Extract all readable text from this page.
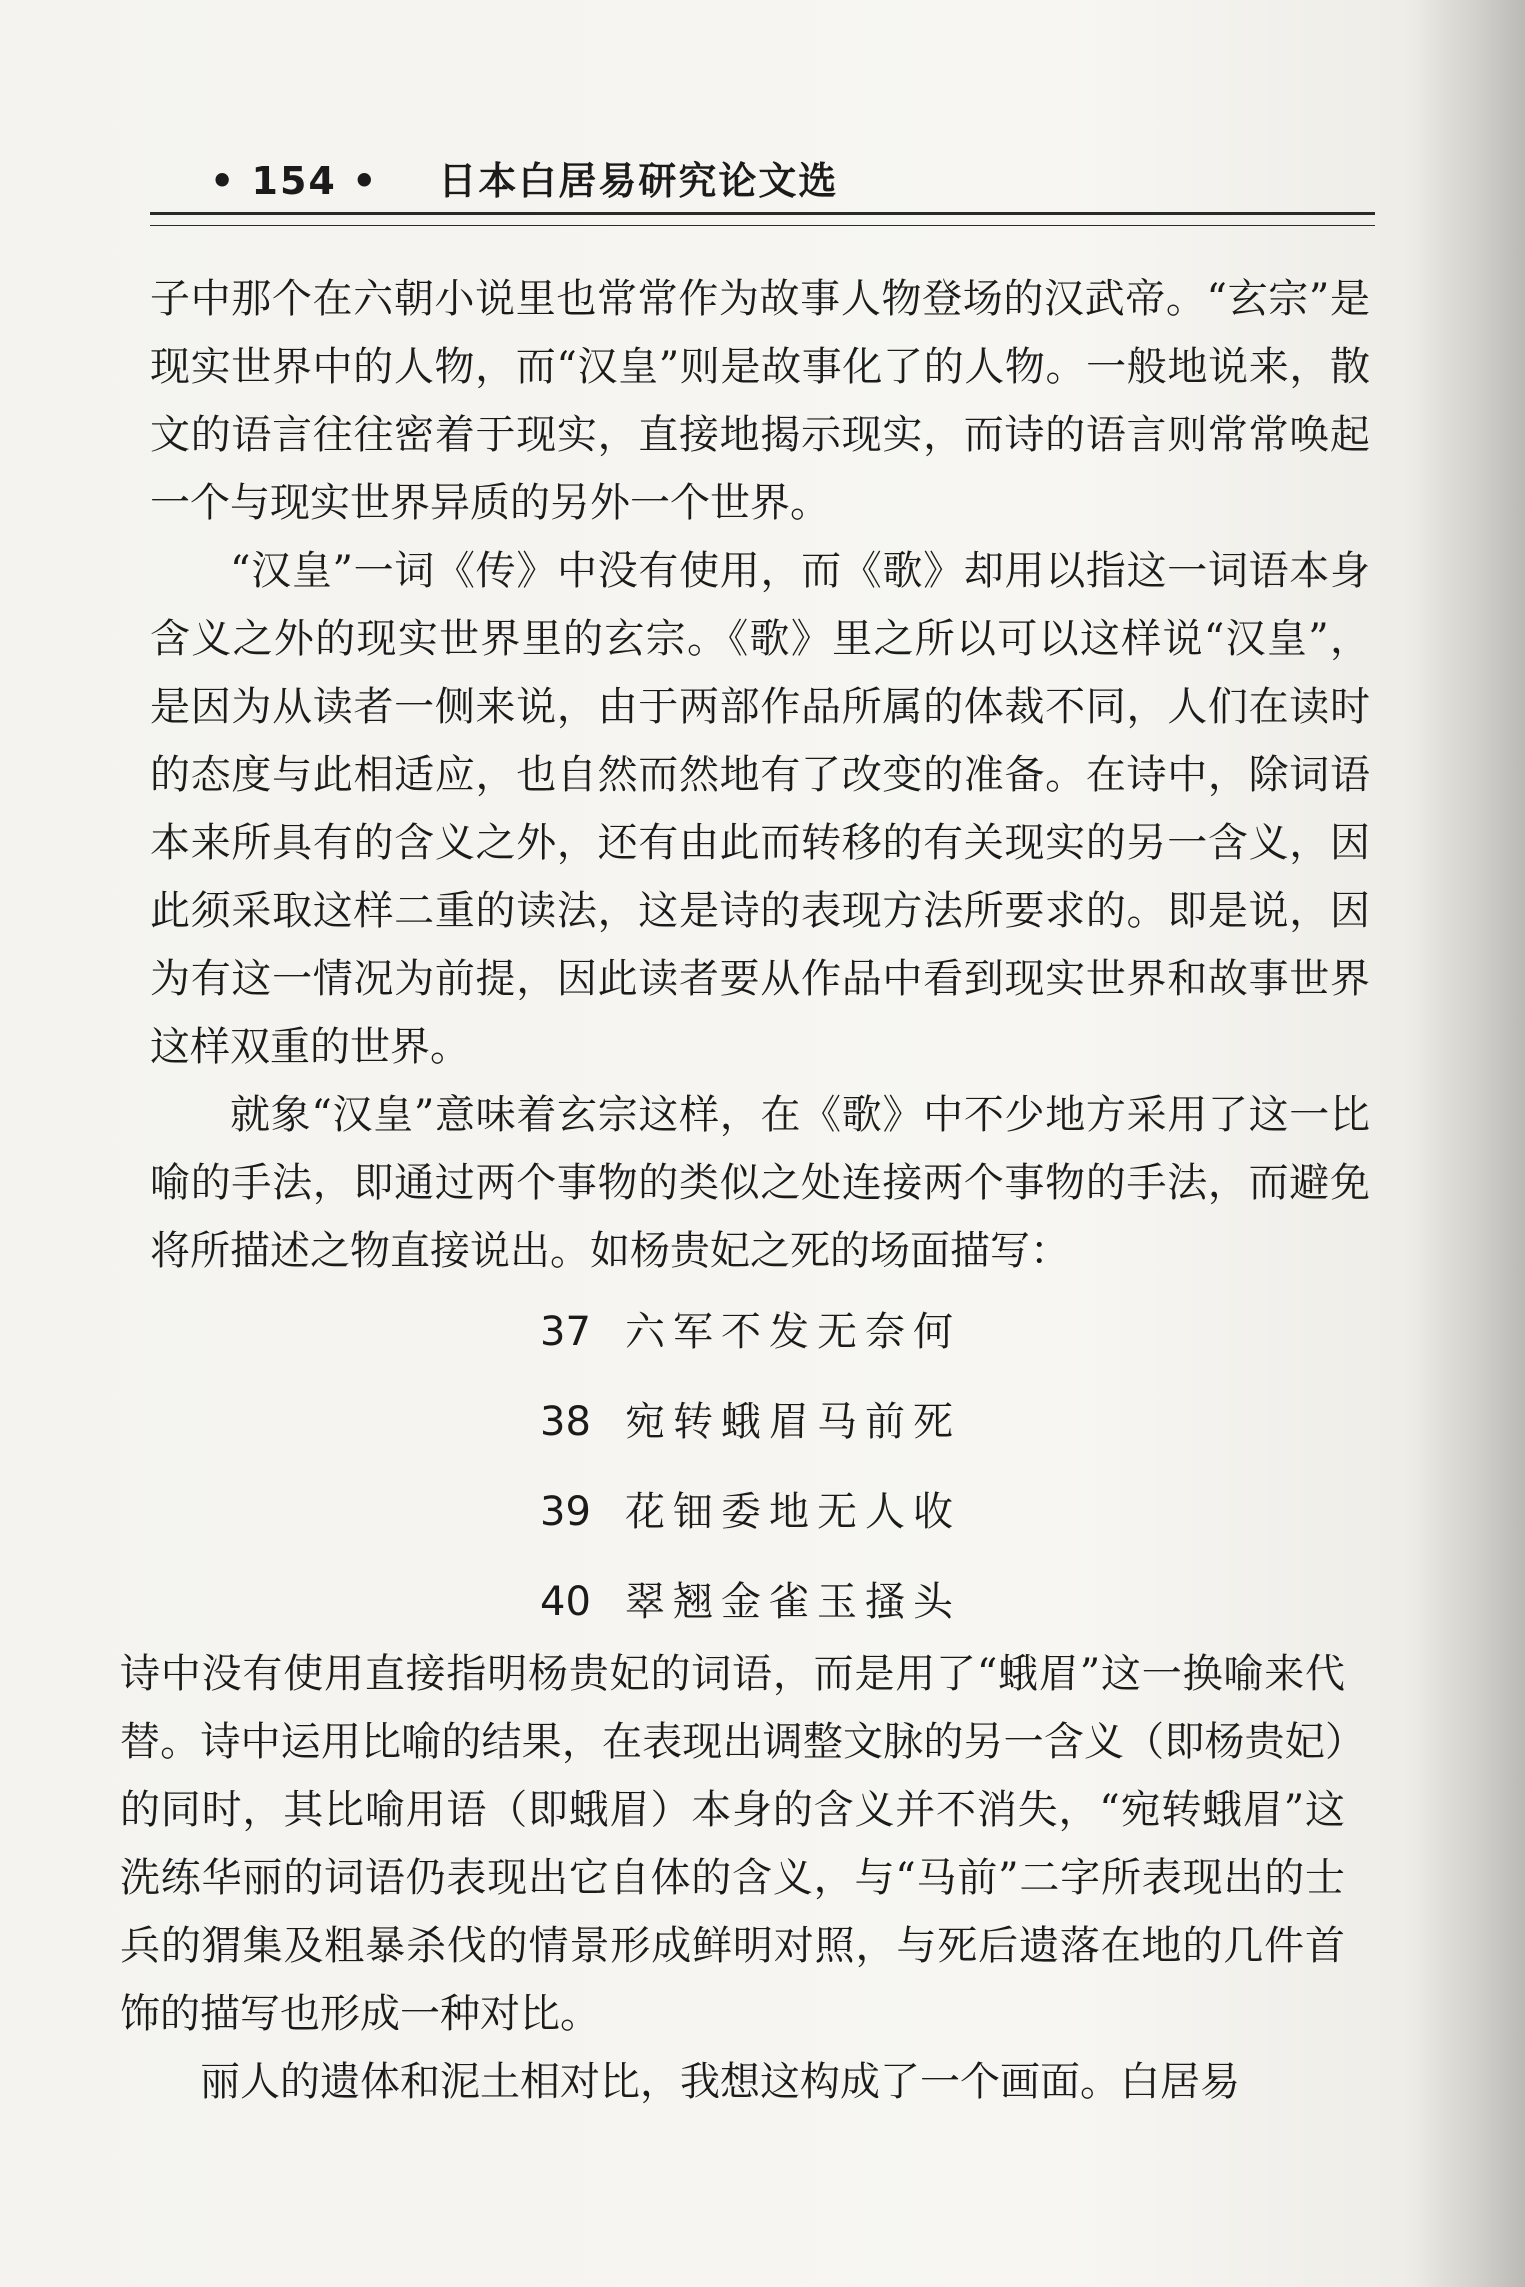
• 154 • 日本白居易研究论文选

子中那个在六朝小说里也常常作为故事人物登场的汉武帝。“玄宗”是现实世界中的人物，而“汉皇”则是故事化了的人物。一般地说来，散文的语言往往密着于现实，直接地揭示现实，而诗的语言则常常唤起一个与现实世界异质的另外一个世界。

“汉皇”一词《传》中没有使用，而《歌》却用以指这一词语本身含义之外的现实世界里的玄宗。《歌》里之所以可以这样说“汉皇”，是因为从读者一侧来说，由于两部作品所属的体裁不同，人们在读时的态度与此相适应，也自然而然地有了改变的准备。在诗中，除词语本来所具有的含义之外，还有由此而转移的有关现实的另一含义，因此须采取这样二重的读法，这是诗的表现方法所要求的。即是说，因为有这一情况为前提，因此读者要从作品中看到现实世界和故事世界这样双重的世界。

就象“汉皇”意味着玄宗这样，在《歌》中不少地方采用了这一比喻的手法，即通过两个事物的类似之处连接两个事物的手法，而避免将所描述之物直接说出。如杨贵妃之死的场面描写：

37 六军不发无奈何
38 宛转蛾眉马前死
39 花钿委地无人收
40 翠翘金雀玉搔头

诗中没有使用直接指明杨贵妃的词语，而是用了“蛾眉”这一换喻来代替。诗中运用比喻的结果，在表现出调整文脉的另一含义（即杨贵妃）的同时，其比喻用语（即蛾眉）本身的含义并不消失，“宛转蛾眉”这洗练华丽的词语仍表现出它自体的含义，与“马前”二字所表现出的士兵的猬集及粗暴杀伐的情景形成鲜明对照，与死后遗落在地的几件首饰的描写也形成一种对比。

丽人的遗体和泥土相对比，我想这构成了一个画面。白居易
